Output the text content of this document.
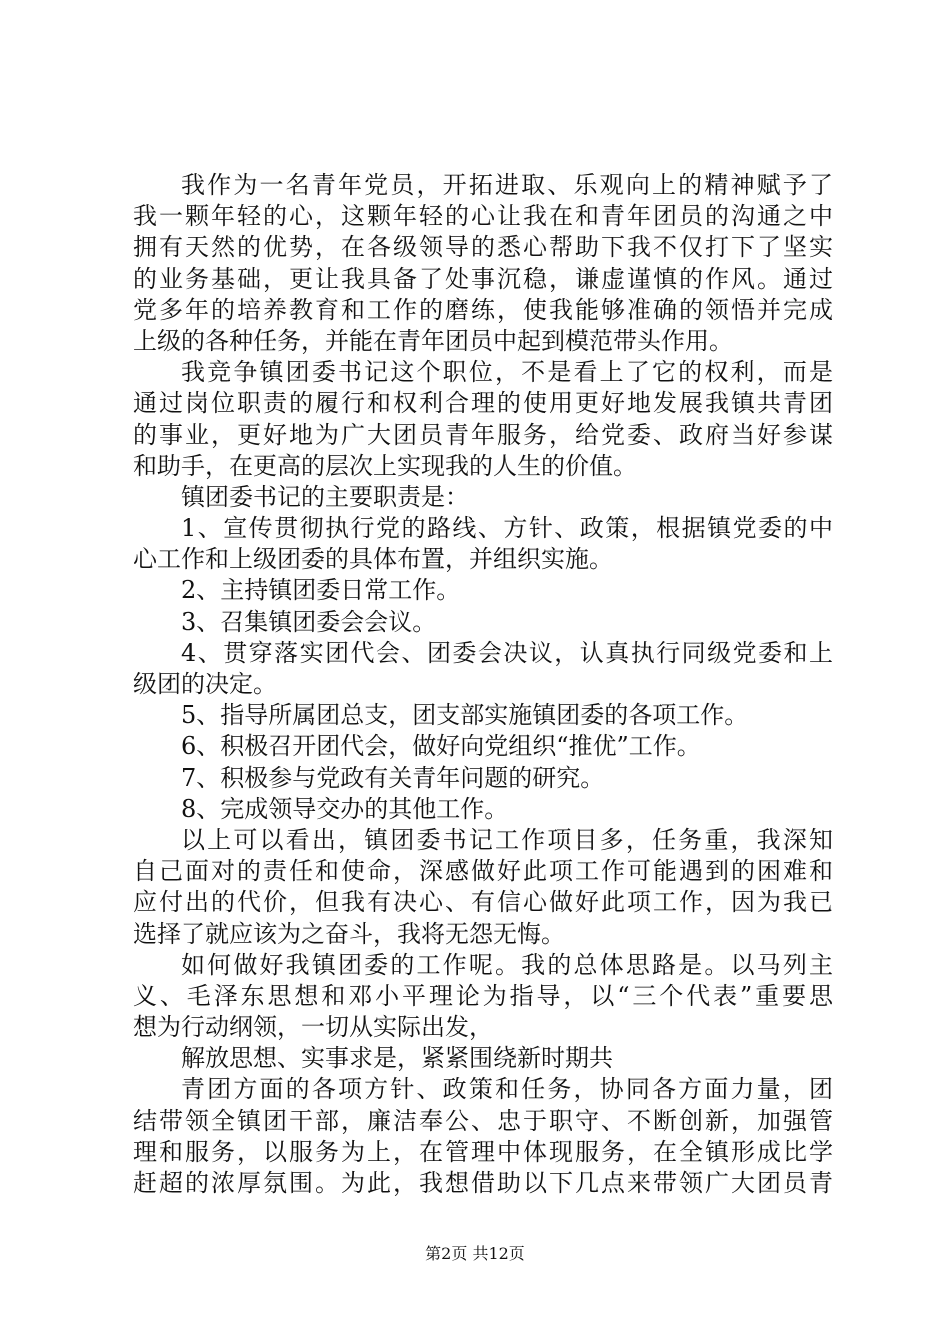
我作为一名青年党员，开拓进取、乐观向上的精神赋予了
我一颗年轻的心，这颗年轻的心让我在和青年团员的沟通之中
拥有天然的优势，在各级领导的悉心帮助下我不仅打下了坚实
的业务基础，更让我具备了处事沉稳，谦虚谨慎的作风。通过
党多年的培养教育和工作的磨练，使我能够准确的领悟并完成
上级的各种任务，并能在青年团员中起到模范带头作用。
我竞争镇团委书记这个职位，不是看上了它的权利，而是
通过岗位职责的履行和权利合理的使用更好地发展我镇共青团
的事业，更好地为广大团员青年服务，给党委、政府当好参谋
和助手，在更高的层次上实现我的人生的价值。
镇团委书记的主要职责是：
1、宣传贯彻执行党的路线、方针、政策，根据镇党委的中
心工作和上级团委的具体布置，并组织实施。
2、主持镇团委日常工作。
3、召集镇团委会会议。
4、贯穿落实团代会、团委会决议，认真执行同级党委和上
级团的决定。
5、指导所属团总支，团支部实施镇团委的各项工作。
6、积极召开团代会，做好向党组织“推优”工作。
7、积极参与党政有关青年问题的研究。
8、完成领导交办的其他工作。
以上可以看出，镇团委书记工作项目多，任务重，我深知
自己面对的责任和使命，深感做好此项工作可能遇到的困难和
应付出的代价，但我有决心、有信心做好此项工作，因为我已
选择了就应该为之奋斗，我将无怨无悔。
如何做好我镇团委的工作呢。我的总体思路是。以马列主
义、毛泽东思想和邓小平理论为指导，以“三个代表”重要思
想为行动纲领，一切从实际出发，
解放思想、实事求是，紧紧围绕新时期共
青团方面的各项方针、政策和任务，协同各方面力量，团
结带领全镇团干部，廉洁奉公、忠于职守、不断创新，加强管
理和服务，以服务为上，在管理中体现服务，在全镇形成比学
赶超的浓厚氛围。为此，我想借助以下几点来带领广大团员青
第2页 共12页
